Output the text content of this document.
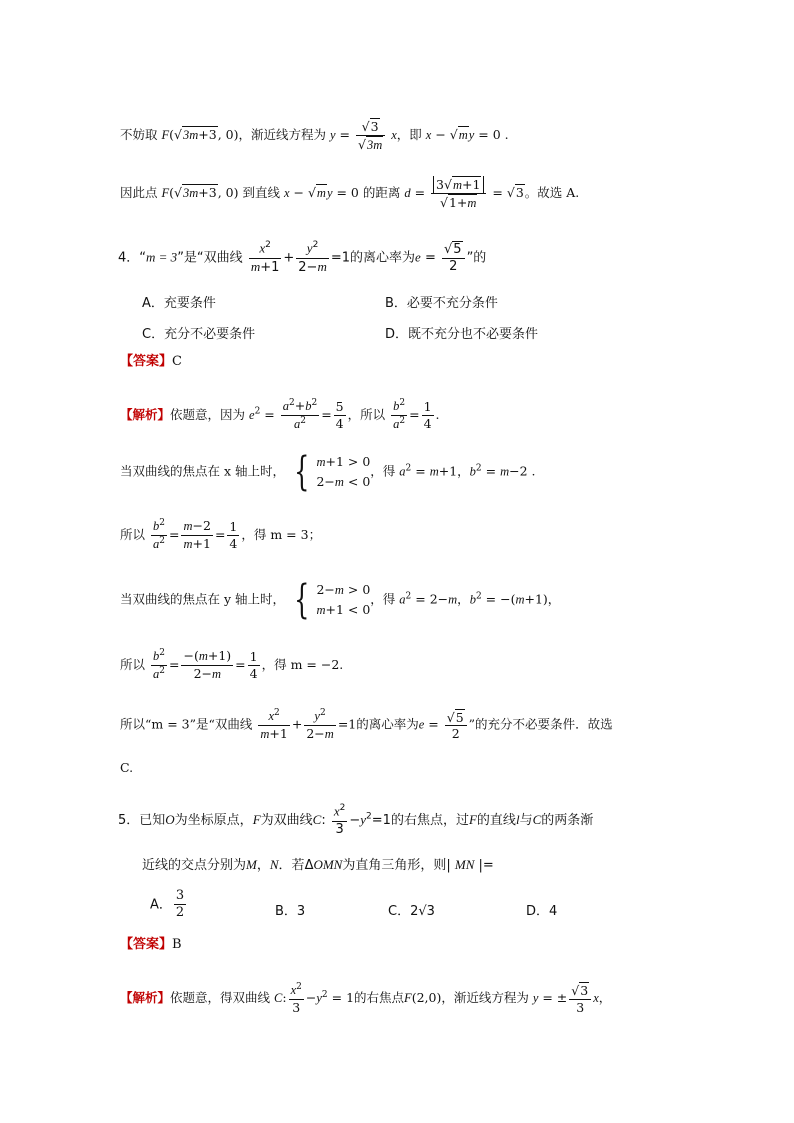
不妨取 F(√3m+3, 0)，渐近线方程为 $y = \frac{√3}{√3m}$ x，即 x − √my = 0 .
因此点 F(√3m+3, 0) 到直线 x − √my = 0 的距离 $d = \frac{3√m+1}{√1+m} = √3$。故选 A.
4．“m = 3”是“双曲线 $\frac{x^2}{m+1} + \frac{y^2}{2-m} =1$的离心率为$e = \frac{√5}{2}$ ”的
A．充要条件	B．必要不充分条件
C．充分不必要条件	D．既不充分也不必要条件
【答案】C
【解析】依题意，因为 $e^2 = \frac{a^2+b^2}{a^2} = \frac{5}{4}$ ，所以 $\frac{b^2}{a^2} = \frac{1}{4}$ .
当双曲线的焦点在 x 轴上时， { m+1 > 0
2−m < 0，得 $a^2 = m+1$，$b^2 = m-2$ .
所以 $\frac{b^2}{a^2} = \frac{m-2}{m+1} = \frac{1}{4}$ ，得 m = 3；
当双曲线的焦点在 y 轴上时， { 2−m > 0
m+1 < 0，得 $a^2 = 2-m$，$b^2 = -(m+1)$，
所以 $\frac{b^2}{a^2} = \frac{-(m+1)}{2-m} = \frac{1}{4}$ ，得 m = −2.
所以“m = 3”是“双曲线 $\frac{x^2}{m+1} + \frac{y^2}{2-m} =1$的离心率为$e = \frac{√5}{2}$ ”的充分不必要条件．故选
C.
5．已知O为坐标原点，F为双曲线C: $\frac{x^2}{3} -y^2=1$的右焦点，过F的直线l与C的两条渐
近线的交点分别为M，N．若ΔOMN为直角三角形，则| MN |=
A． $\frac{3}{2}$	B．3	C．2√3	D．4
【答案】B
【解析】依题意，得双曲线 C: $\frac{x^2}{3} -y^2 = 1$的右焦点F(2,0)，渐近线方程为 y = ± $\frac{√3}{3}$ x，
